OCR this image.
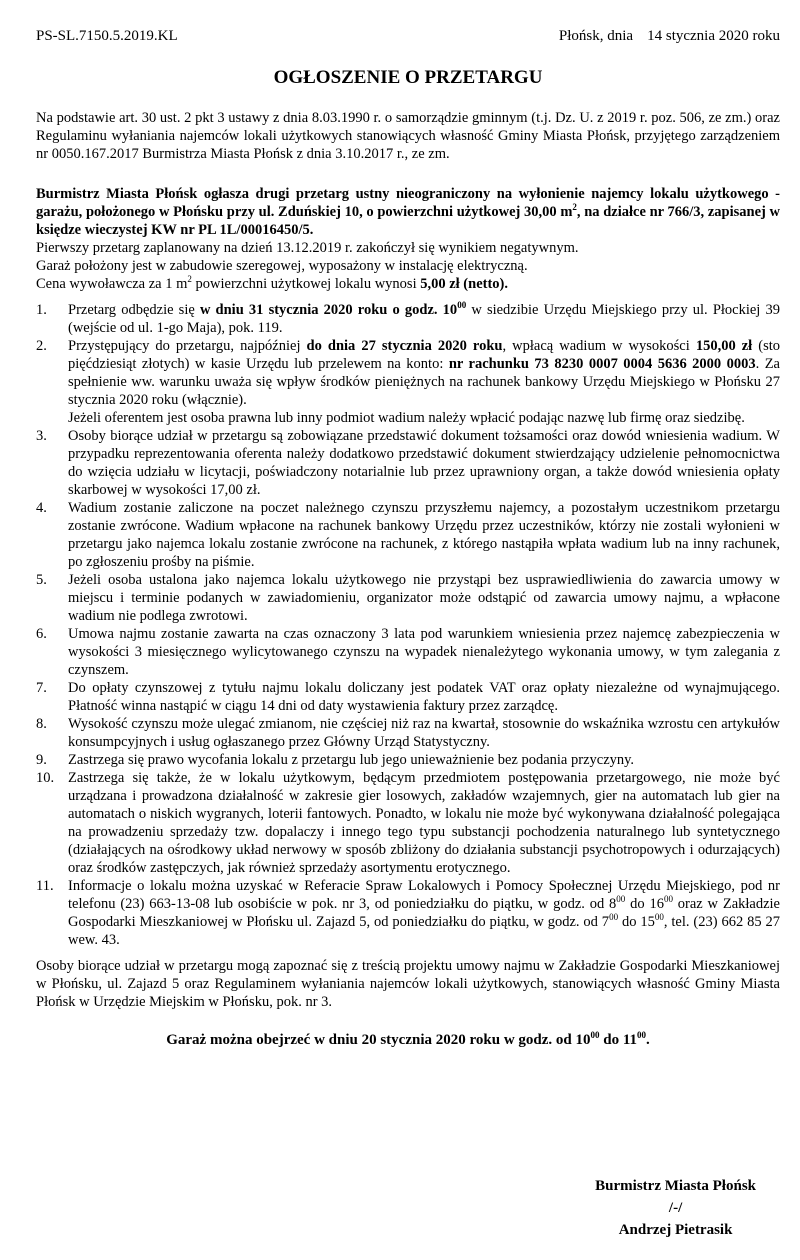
PS-SL.7150.5.2019.KL	Płońsk, dnia 14 stycznia 2020 roku
OGŁOSZENIE O PRZETARGU

Na podstawie art. 30 ust. 2 pkt 3 ustawy z dnia 8.03.1990 r. o samorządzie gminnym (t.j. Dz. U. z 2019 r. poz. 506, ze zm.) oraz Regulaminu wyłaniania najemców lokali użytkowych stanowiących własność Gminy Miasta Płońsk, przyjętego zarządzeniem nr 0050.167.2017 Burmistrza Miasta Płońsk z dnia 3.10.2017 r., ze zm.

Burmistrz Miasta Płońsk ogłasza drugi przetarg ustny nieograniczony na wyłonienie najemcy lokalu użytkowego - garażu, położonego w Płońsku przy ul. Zduńskiej 10, o powierzchni użytkowej 30,00 $m^2$, na działce nr 766/3, zapisanej w księdze wieczystej KW nr PL 1L/00016450/5.

Pierwszy przetarg zaplanowany na dzień 13.12.2019 r. zakończył się wynikiem negatywnym.

Garaż położony jest w zabudowie szeregowej, wyposażony w instalację elektryczną.

Cena wywoławcza za 1 $m^2$ powierzchni użytkowej lokalu wynosi 5,00 zł (netto).

1.	Przetarg odbędzie się w dniu 31 stycznia 2020 roku o godz. $10^{00}$ w siedzibie Urzędu Miejskiego przy ul. Płockiej 39 (wejście od ul. 1-go Maja), pok. 119.
2.	Przystępujący do przetargu, najpóźniej do dnia 27 stycznia 2020 roku, wpłacą wadium w wysokości 150,00 zł (sto pięćdziesiąt złotych) w kasie Urzędu lub przelewem na konto: nr rachunku 73 8230 0007 0004 5636 2000 0003. Za spełnienie ww. warunku uważa się wpływ środków pieniężnych na rachunek bankowy Urzędu Miejskiego w Płońsku 27 stycznia 2020 roku (włącznie).
Jeżeli oferentem jest osoba prawna lub inny podmiot wadium należy wpłacić podając nazwę lub firmę oraz siedzibę.
3.	Osoby biorące udział w przetargu są zobowiązane przedstawić dokument tożsamości oraz dowód wniesienia wadium. W przypadku reprezentowania oferenta należy dodatkowo przedstawić dokument stwierdzający udzielenie pełnomocnictwa do wzięcia udziału w licytacji, poświadczony notarialnie lub przez uprawniony organ, a także dowód wniesienia opłaty skarbowej w wysokości 17,00 zł.
4.	Wadium zostanie zaliczone na poczet należnego czynszu przyszłemu najemcy, a pozostałym uczestnikom przetargu zostanie zwrócone. Wadium wpłacone na rachunek bankowy Urzędu przez uczestników, którzy nie zostali wyłonieni w przetargu jako najemca lokalu zostanie zwrócone na rachunek, z którego nastąpiła wpłata wadium lub na inny rachunek, po zgłoszeniu prośby na piśmie.
5.	Jeżeli osoba ustalona jako najemca lokalu użytkowego nie przystąpi bez usprawiedliwienia do zawarcia umowy w miejscu i terminie podanych w zawiadomieniu, organizator może odstąpić od zawarcia umowy najmu, a wpłacone wadium nie podlega zwrotowi.
6.	Umowa najmu zostanie zawarta na czas oznaczony 3 lata pod warunkiem wniesienia przez najemcę zabezpieczenia w wysokości 3 miesięcznego wylicytowanego czynszu na wypadek nienależytego wykonania umowy, w tym zalegania z czynszem.
7.	Do opłaty czynszowej z tytułu najmu lokalu doliczany jest podatek VAT oraz opłaty niezależne od wynajmującego. Płatność winna nastąpić w ciągu 14 dni od daty wystawienia faktury przez zarządcę.
8.	Wysokość czynszu może ulegać zmianom, nie częściej niż raz na kwartał, stosownie do wskaźnika wzrostu cen artykułów konsumpcyjnych i usług ogłaszanego przez Główny Urząd Statystyczny.
9.	Zastrzega się prawo wycofania lokalu z przetargu lub jego unieważnienie bez podania przyczyny.
10. Zastrzega się także, że w lokalu użytkowym, będącym przedmiotem postępowania przetargowego, nie może być urządzana i prowadzona działalność w zakresie gier losowych, zakładów wzajemnych, gier na automatach lub gier na automatach o niskich wygranych, loterii fantowych. Ponadto, w lokalu nie może być wykonywana działalność polegająca na prowadzeniu sprzedaży tzw. dopalaczy i innego tego typu substancji pochodzenia naturalnego lub syntetycznego (działających na ośrodkowy układ nerwowy w sposób zbliżony do działania substancji psychotropowych i odurzających) oraz środków zastępczych, jak również sprzedaży asortymentu erotycznego.
11. Informacje o lokalu można uzyskać w Referacie Spraw Lokalowych i Pomocy Społecznej Urzędu Miejskiego, pod nr telefonu (23) 663-13-08 lub osobiście w pok. nr 3, od poniedziałku do piątku, w godz. od $8^{00}$ do $16^{00}$ oraz w Zakładzie Gospodarki Mieszkaniowej w Płońsku ul. Zajazd 5, od poniedziałku do piątku, w godz. od $7^{00}$ do $15^{00}$, tel. (23) 662 85 27 wew. 43.

Osoby biorące udział w przetargu mogą zapoznać się z treścią projektu umowy najmu w Zakładzie Gospodarki Mieszkaniowej w Płońsku, ul. Zajazd 5 oraz Regulaminem wyłaniania najemców lokali użytkowych, stanowiących własność Gminy Miasta Płońsk w Urzędzie Miejskim w Płońsku, pok. nr 3.

Garaż można obejrzeć w dniu 20 stycznia 2020 roku w godz. od $10^{00}$ do $11^{00}$.

Burmistrz Miasta Płońsk
/-/
Andrzej Pietrasik
